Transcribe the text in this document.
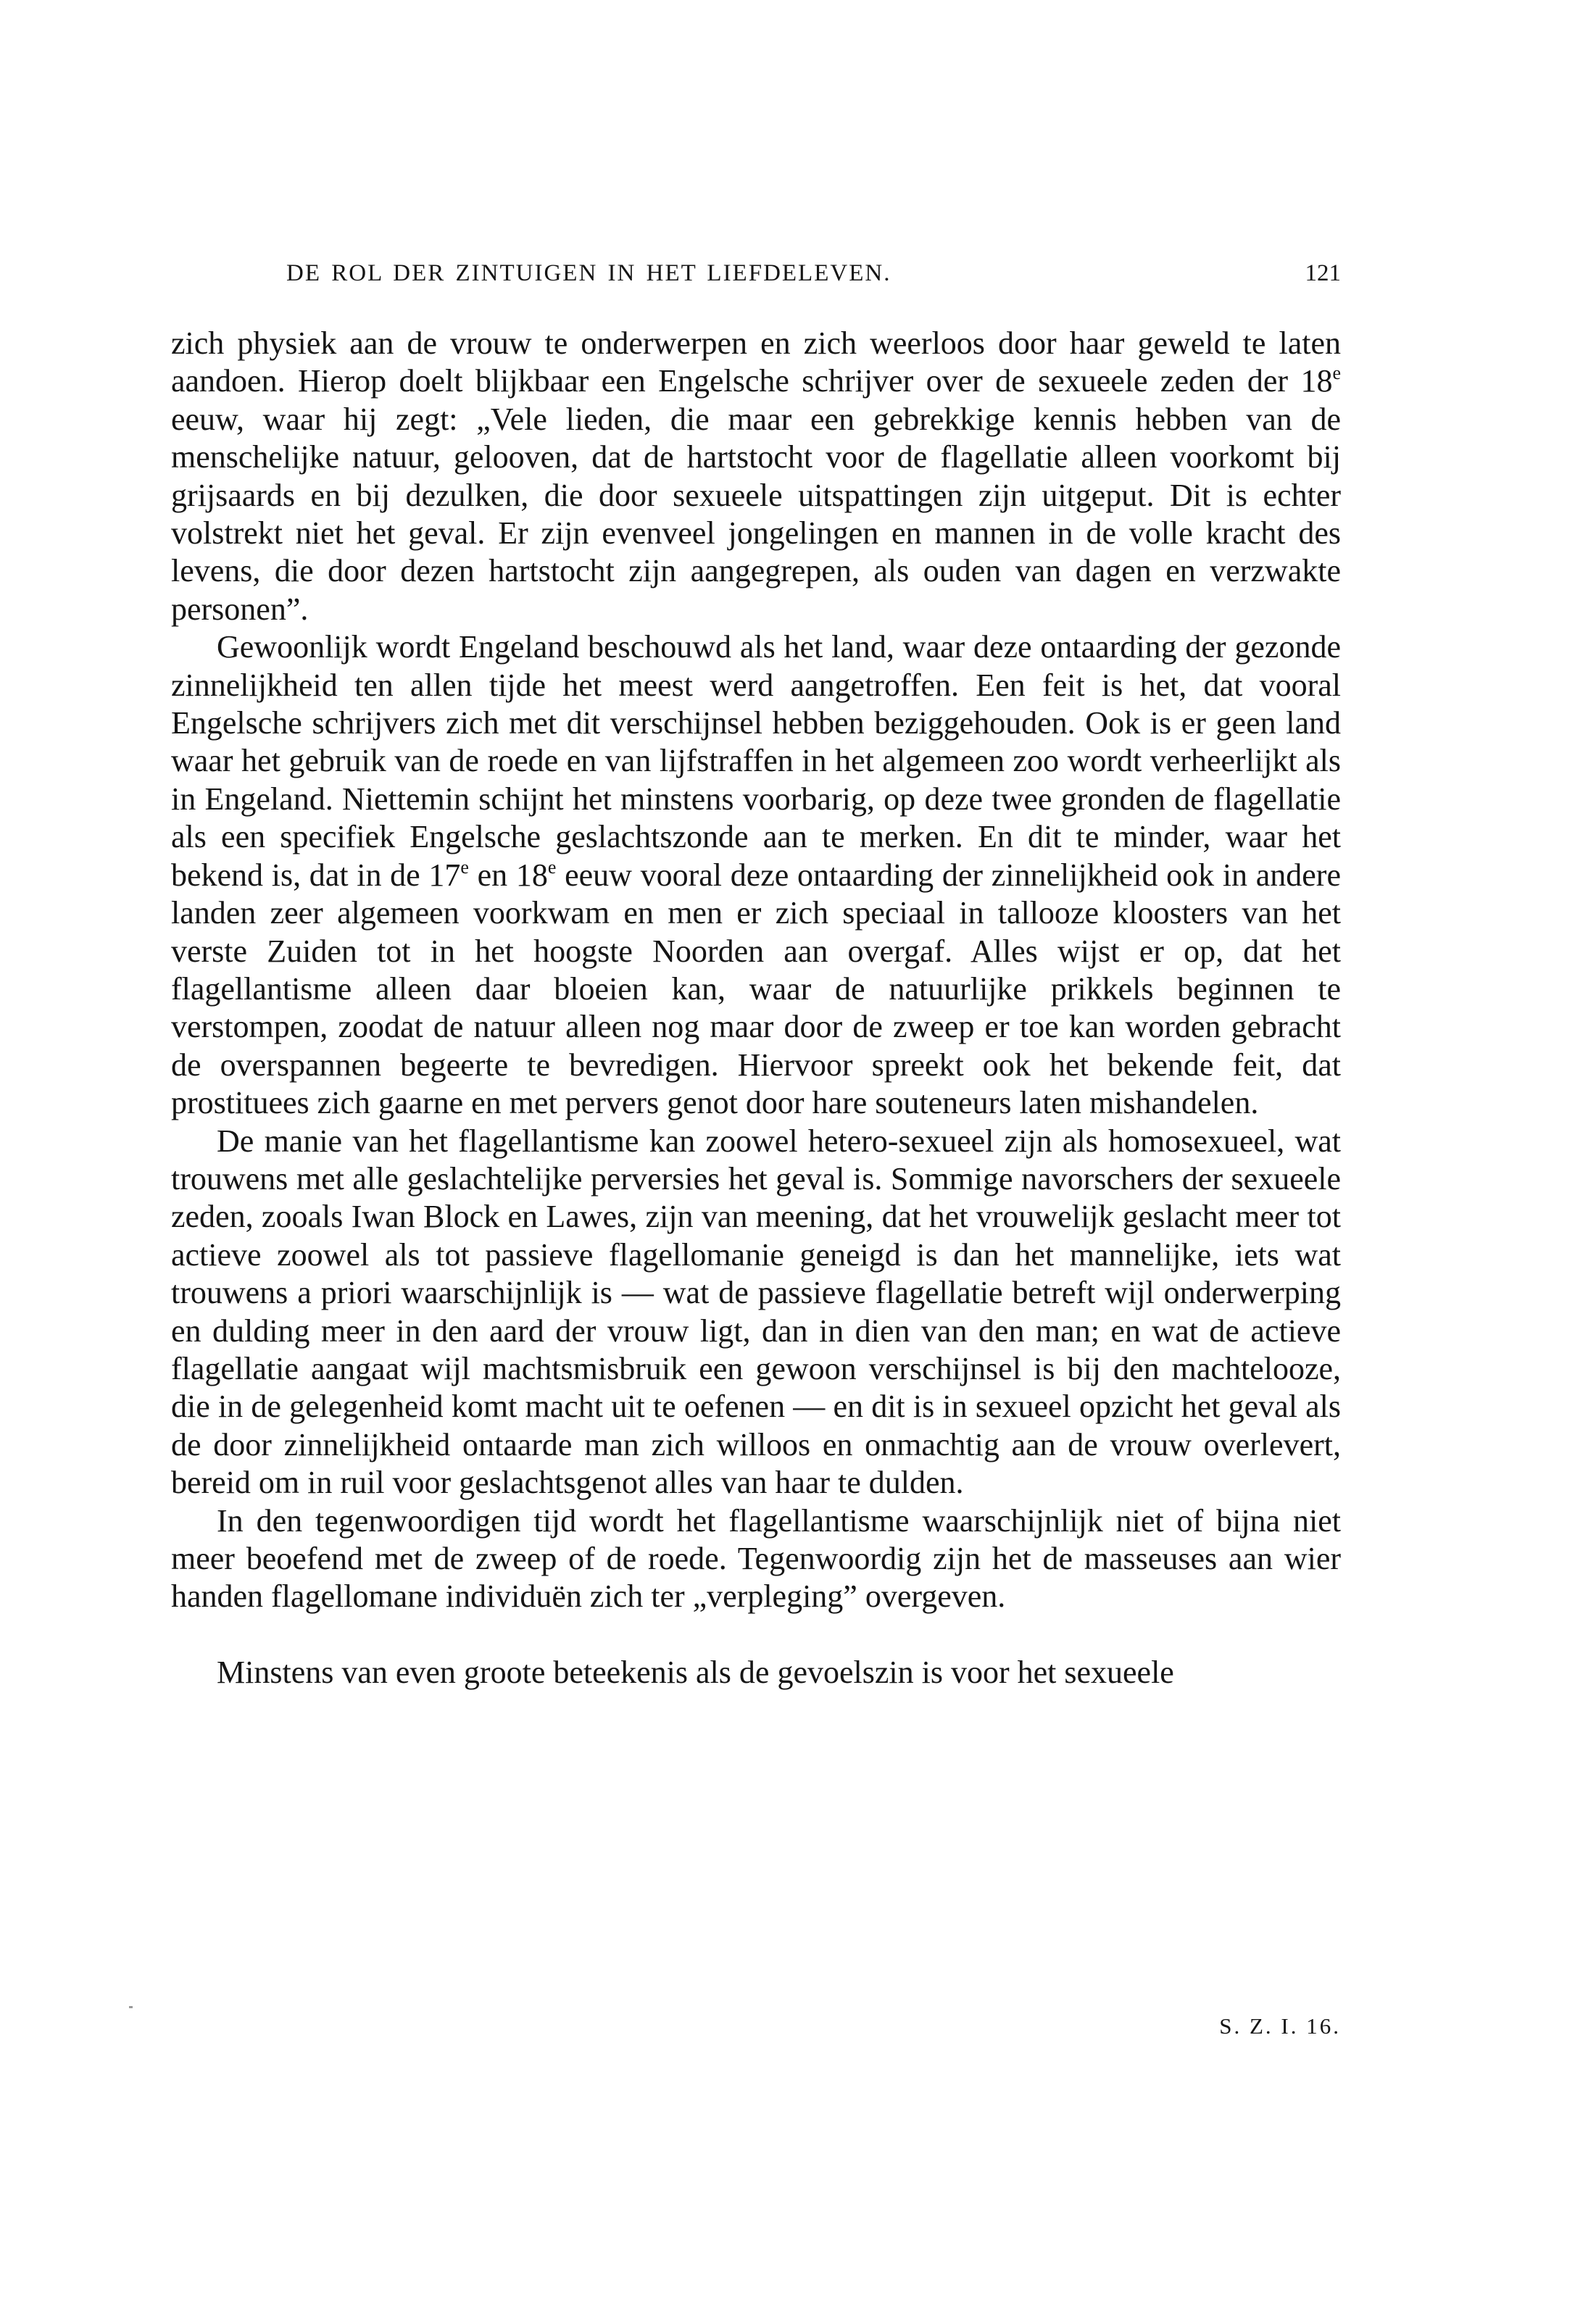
DE ROL DER ZINTUIGEN IN HET LIEFDELEVEN.	121

zich physiek aan de vrouw te onderwerpen en zich weerloos door haar geweld te laten aandoen. Hierop doelt blijkbaar een Engelsche schrijver over de sexueele zeden der 18e eeuw, waar hij zegt: „Vele lieden, die maar een gebrekkige kennis hebben van de menschelijke natuur, gelooven, dat de hartstocht voor de flagellatie alleen voorkomt bij grijsaards en bij dezulken, die door sexueele uitspattingen zijn uitgeput. Dit is echter volstrekt niet het geval. Er zijn evenveel jongelingen en mannen in de volle kracht des levens, die door dezen hartstocht zijn aangegrepen, als ouden van dagen en verzwakte personen”.

Gewoonlijk wordt Engeland beschouwd als het land, waar deze ontaarding der gezonde zinnelijkheid ten allen tijde het meest werd aangetroffen. Een feit is het, dat vooral Engelsche schrijvers zich met dit verschijnsel hebben beziggehouden. Ook is er geen land waar het gebruik van de roede en van lijfstraffen in het algemeen zoo wordt verheerlijkt als in Engeland. Niettemin schijnt het minstens voorbarig, op deze twee gronden de flagellatie als een specifiek Engelsche geslachtszonde aan te merken. En dit te minder, waar het bekend is, dat in de 17e en 18e eeuw vooral deze ontaarding der zinnelijkheid ook in andere landen zeer algemeen voorkwam en men er zich speciaal in tallooze kloosters van het verste Zuiden tot in het hoogste Noorden aan overgaf. Alles wijst er op, dat het flagellantisme alleen daar bloeien kan, waar de natuurlijke prikkels beginnen te verstompen, zoodat de natuur alleen nog maar door de zweep er toe kan worden gebracht de overspannen begeerte te bevredigen. Hiervoor spreekt ook het bekende feit, dat prostituees zich gaarne en met pervers genot door hare souteneurs laten mishandelen.

De manie van het flagellantisme kan zoowel hetero-sexueel zijn als homosexueel, wat trouwens met alle geslachtelijke perversies het geval is. Sommige navorschers der sexueele zeden, zooals Iwan Block en Lawes, zijn van meening, dat het vrouwelijk geslacht meer tot actieve zoowel als tot passieve flagellomanie geneigd is dan het mannelijke, iets wat trouwens a priori waarschijnlijk is — wat de passieve flagellatie betreft wijl onderwerping en dulding meer in den aard der vrouw ligt, dan in dien van den man; en wat de actieve flagellatie aangaat wijl machtsmisbruik een gewoon verschijnsel is bij den machtelooze, die in de gelegenheid komt macht uit te oefenen — en dit is in sexueel opzicht het geval als de door zinnelijkheid ontaarde man zich willoos en onmachtig aan de vrouw overlevert, bereid om in ruil voor geslachtsgenot alles van haar te dulden.

In den tegenwoordigen tijd wordt het flagellantisme waarschijnlijk niet of bijna niet meer beoefend met de zweep of de roede. Tegenwoordig zijn het de masseuses aan wier handen flagellomane individuën zich ter „verpleging” overgeven.

Minstens van even groote beteekenis als de gevoelszin is voor het sexueele

S. Z. I. 16.
